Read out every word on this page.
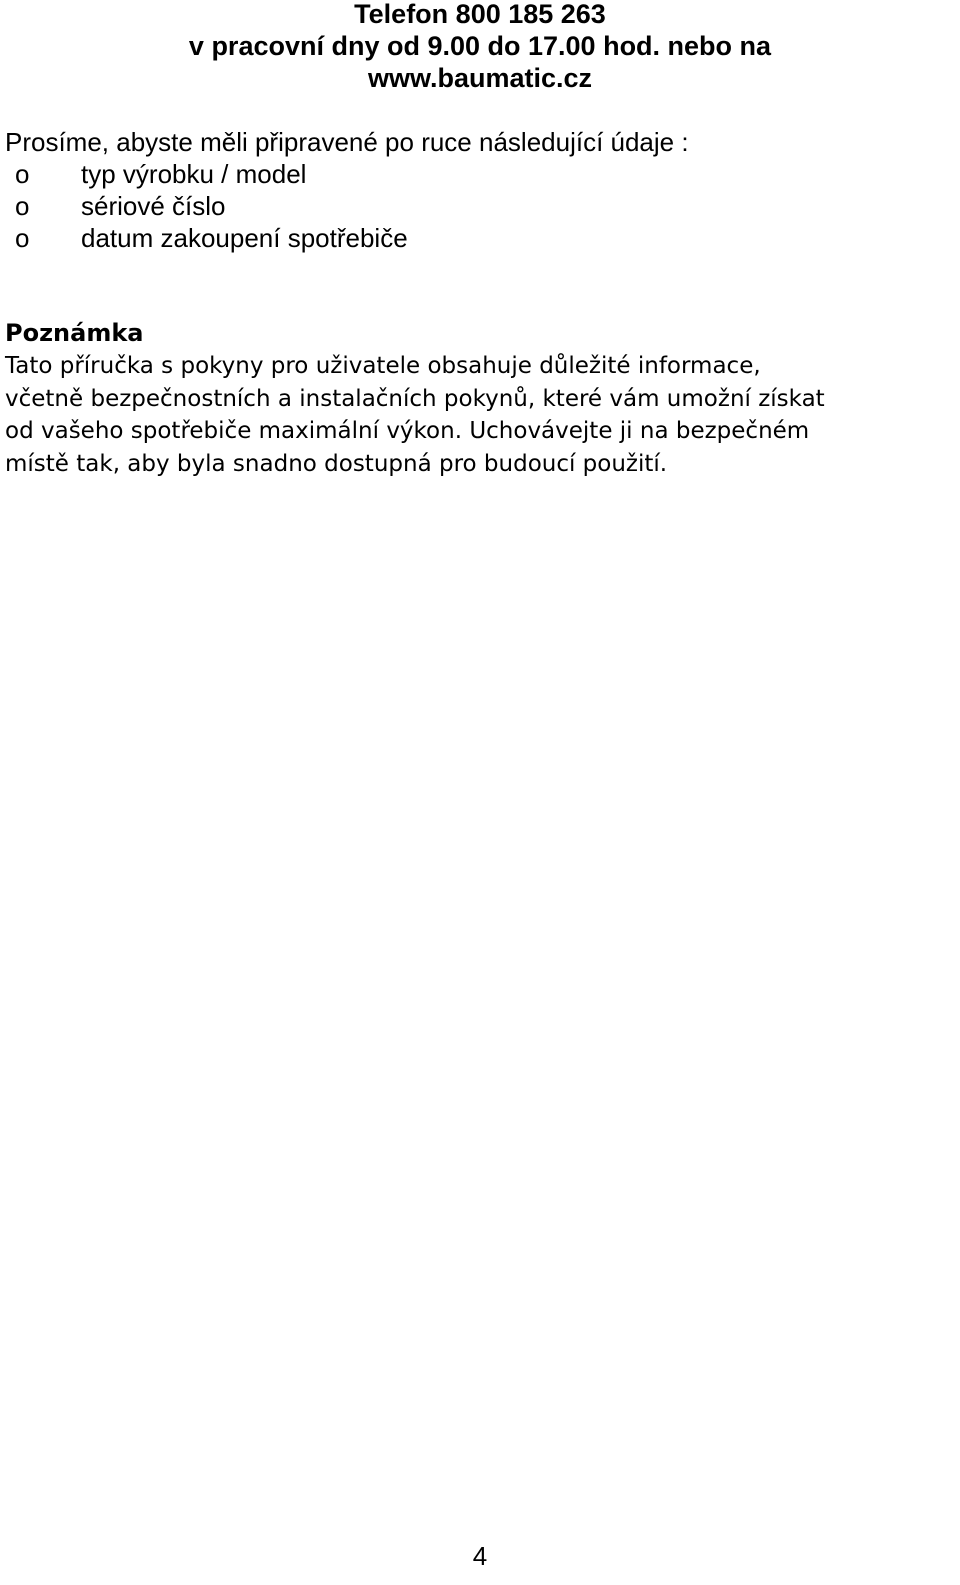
Telefon 800 185 263
v pracovní dny od 9.00 do 17.00 hod. nebo na
www.baumatic.cz
Prosíme, abyste měli připravené po ruce následující údaje :
o	typ výrobku / model
o	sériové číslo
o	datum zakoupení spotřebiče
Poznámka
Tato příručka s pokyny pro uživatele obsahuje důležité informace,
včetně bezpečnostních a instalačních pokynů, které vám umožní získat
od vašeho spotřebiče maximální výkon. Uchovávejte ji na bezpečném
místě tak, aby byla snadno dostupná pro budoucí použití.
4
